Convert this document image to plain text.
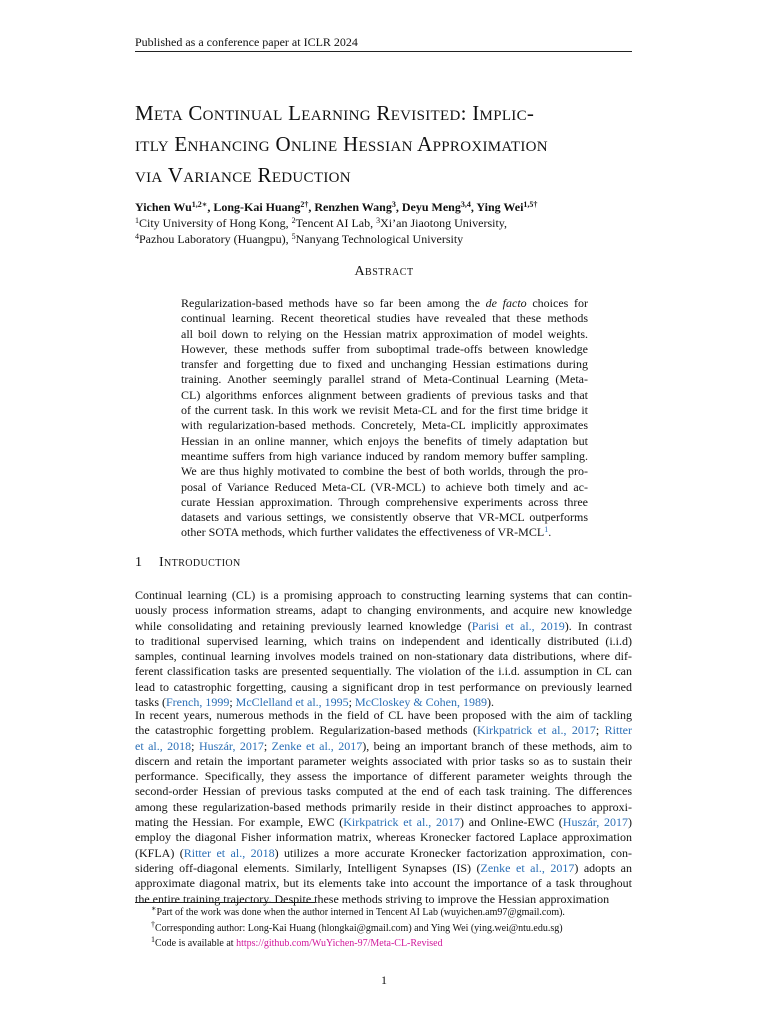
Published as a conference paper at ICLR 2024
Meta Continual Learning Revisited: Implic-
itly Enhancing Online Hessian Approximation
via Variance Reduction
Yichen $Wu^{1,2∗}$, Long-Kai Huang$^{2\dagger}$, Renzhen Wang$^3$, Deyu Meng$^{3,4}$, Ying Wei$^{1,5\dagger}$
$^1$City University of Hong Kong, $^2$Tencent AI Lab, $^3$Xi’an Jiaotong University,
$^4$Pazhou Laboratory (Huangpu), $^5$Nanyang Technological University
Abstract
Regularization-based methods have so far been among the de facto choices for
continual learning. Recent theoretical studies have revealed that these methods
all boil down to relying on the Hessian matrix approximation of model weights.
However, these methods suffer from suboptimal trade-offs between knowledge
transfer and forgetting due to fixed and unchanging Hessian estimations during
training. Another seemingly parallel strand of Meta-Continual Learning (Meta-
CL) algorithms enforces alignment between gradients of previous tasks and that
of the current task. In this work we revisit Meta-CL and for the first time bridge it
with regularization-based methods. Concretely, Meta-CL implicitly approximates
Hessian in an online manner, which enjoys the benefits of timely adaptation but
meantime suffers from high variance induced by random memory buffer sampling.
We are thus highly motivated to combine the best of both worlds, through the pro-
posal of Variance Reduced Meta-CL (VR-MCL) to achieve both timely and ac-
curate Hessian approximation. Through comprehensive experiments across three
datasets and various settings, we consistently observe that VR-MCL outperforms
other SOTA methods, which further validates the effectiveness of VR-MCL$^1$.
1 Introduction
Continual learning (CL) is a promising approach to constructing learning systems that can contin-
uously process information streams, adapt to changing environments, and acquire new knowledge
while consolidating and retaining previously learned knowledge (Parisi et al., 2019). In contrast
to traditional supervised learning, which trains on independent and identically distributed (i.i.d)
samples, continual learning involves models trained on non-stationary data distributions, where dif-
ferent classification tasks are presented sequentially. The violation of the i.i.d. assumption in CL can
lead to catastrophic forgetting, causing a significant drop in test performance on previously learned
tasks (French, 1999; McClelland et al., 1995; McCloskey & Cohen, 1989).
In recent years, numerous methods in the field of CL have been proposed with the aim of tackling
the catastrophic forgetting problem. Regularization-based methods (Kirkpatrick et al., 2017; Ritter
et al., 2018; Huszár, 2017; Zenke et al., 2017), being an important branch of these methods, aim to
discern and retain the important parameter weights associated with prior tasks so as to sustain their
performance. Specifically, they assess the importance of different parameter weights through the
second-order Hessian of previous tasks computed at the end of each task training. The differences
among these regularization-based methods primarily reside in their distinct approaches to approxi-
mating the Hessian. For example, EWC (Kirkpatrick et al., 2017) and Online-EWC (Huszár, 2017)
employ the diagonal Fisher information matrix, whereas Kronecker factored Laplace approximation
(KFLA) (Ritter et al., 2018) utilizes a more accurate Kronecker factorization approximation, con-
sidering off-diagonal elements. Similarly, Intelligent Synapses (IS) (Zenke et al., 2017) adopts an
approximate diagonal matrix, but its elements take into account the importance of a task throughout
the entire training trajectory. Despite these methods striving to improve the Hessian approximation
∗Part of the work was done when the author interned in Tencent AI Lab (wuyichen.am97@gmail.com).
†Corresponding author: Long-Kai Huang (hlongkai@gmail.com) and Ying Wei (ying.wei@ntu.edu.sg)
$^1$Code is available at https://github.com/WuYichen-97/Meta-CL-Revised
1
